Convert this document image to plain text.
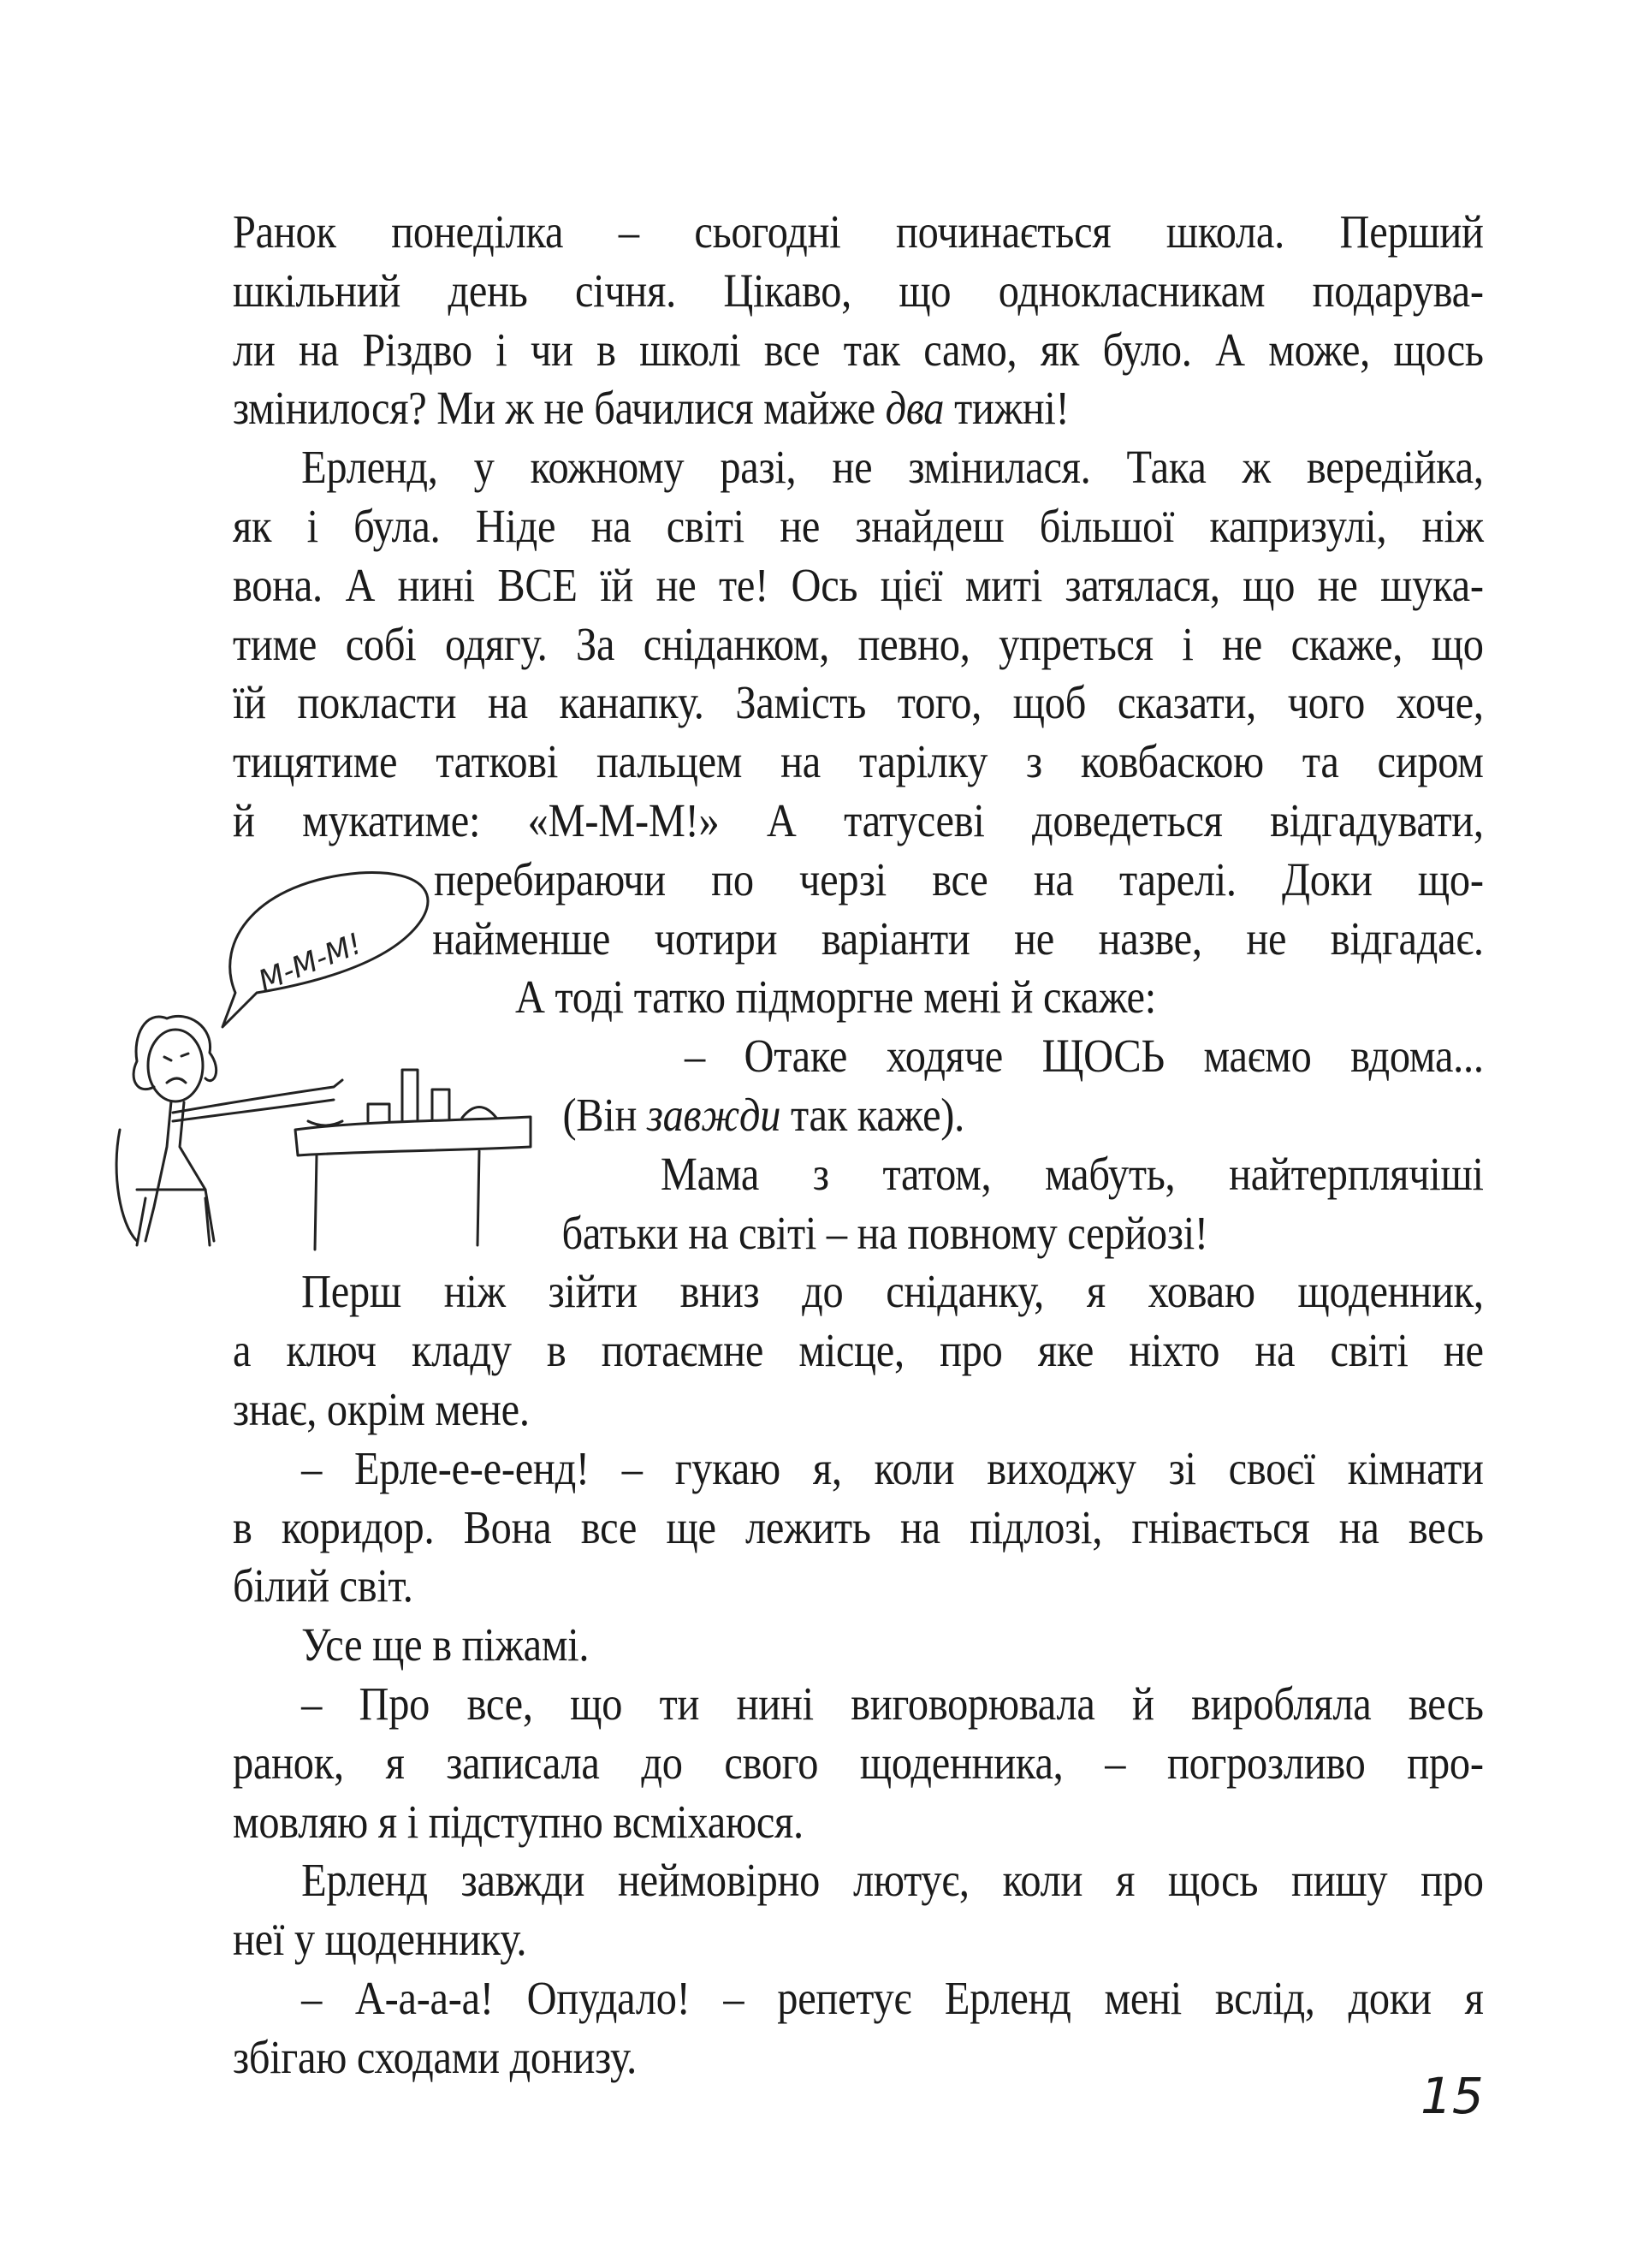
Ранок понеділка – сьогодні починається школа. Перший
шкільний день січня. Цікаво, що однокласникам подарува-
ли на Різдво і чи в школі все так само, як було. А може, щось
змінилося? Ми ж не бачилися майже два тижні!
Ерленд, у кожному разі, не змінилася. Така ж вередійка,
як і була. Ніде на світі не знайдеш більшої капризулі, ніж
вона. А нині ВСЕ їй не те! Ось цієї миті затялася, що не шука-
тиме собі одягу. За сніданком, певно, упреться і не скаже, що
їй покласти на канапку. Замість того, щоб сказати, чого хоче,
тицятиме таткові пальцем на тарілку з ковбаскою та сиром
й мукатиме: «М-М-М!» А татусеві доведеться відгадувати,
перебираючи по черзі все на тарелі. Доки що-
найменше чотири варіанти не назве, не відгадає.
А тоді татко підморгне мені й скаже:
– Отаке ходяче ЩОСЬ маємо вдома...
(Він завжди так каже).
Мама з татом, мабуть, найтерплячіші
батьки на світі – на повному серйозі!
Перш ніж зійти вниз до сніданку, я ховаю щоденник,
а ключ кладу в потаємне місце, про яке ніхто на світі не
знає, окрім мене.
– Ерле-е-е-енд! – гукаю я, коли виходжу зі своєї кімнати
в коридор. Вона все ще лежить на підлозі, гнівається на весь
білий світ.
Усе ще в піжамі.
– Про все, що ти нині виговорювала й виробляла весь
ранок, я записала до свого щоденника, – погрозливо про-
мовляю я і підступно всміхаюся.
Ерленд завжди неймовірно лютує, коли я щось пишу про
неї у щоденнику.
– А-а-а-а! Опудало! – репетує Ерленд мені вслід, доки я
збігаю сходами донизу.
М-М-М!
15
